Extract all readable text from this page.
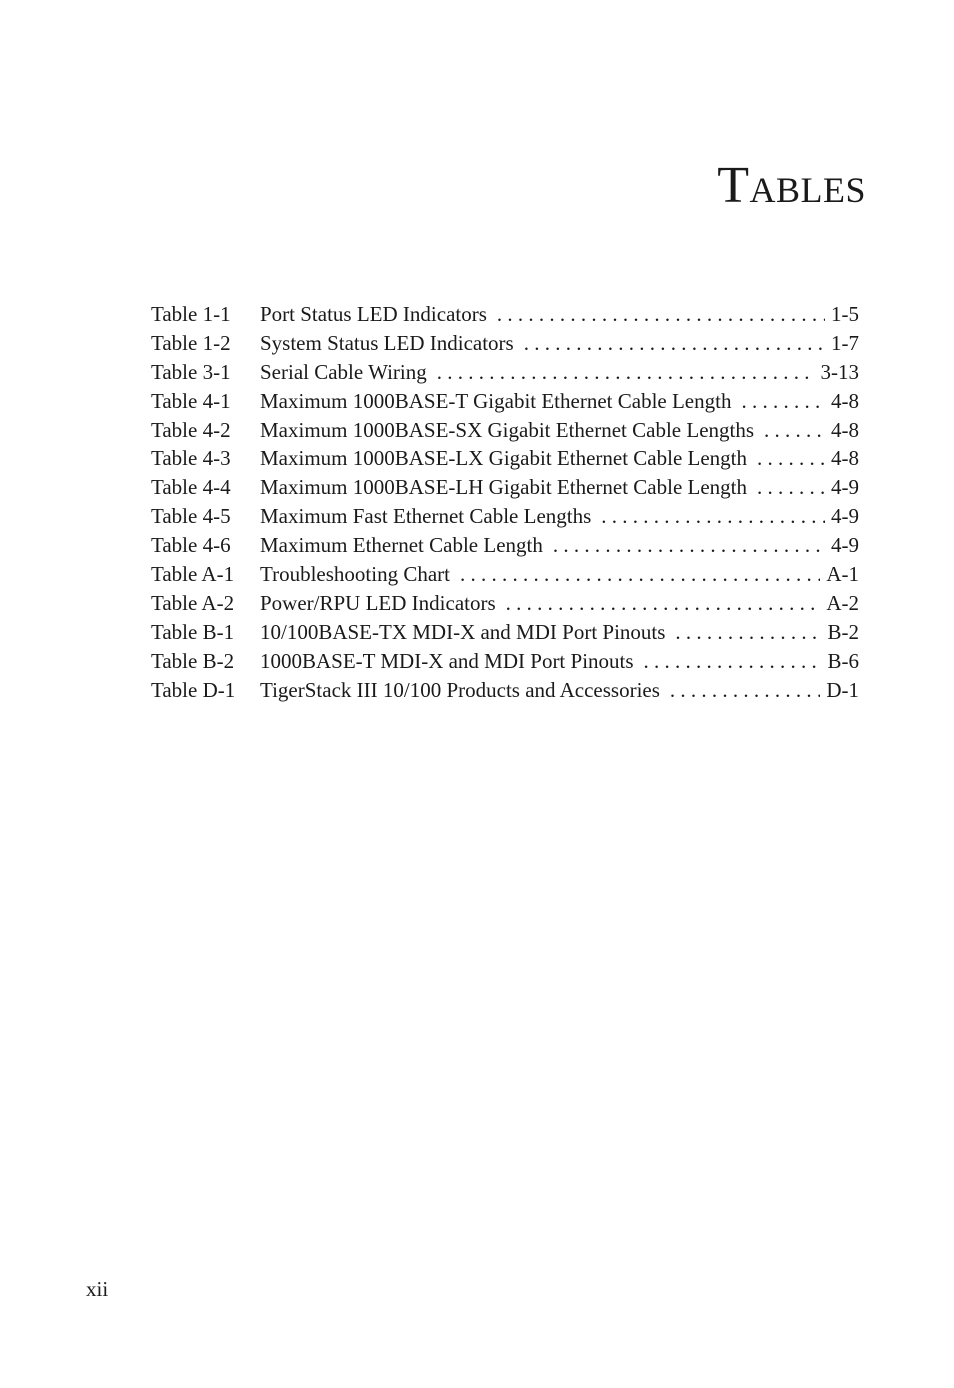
Tables
Table 1-1	Port Status LED Indicators . . .	1-5
Table 1-2	System Status LED Indicators . . .	1-7
Table 3-1	Serial Cable Wiring . . .	3-13
Table 4-1	Maximum 1000BASE-T Gigabit Ethernet Cable Length . . .	4-8
Table 4-2	Maximum 1000BASE-SX Gigabit Ethernet Cable Lengths . . .	4-8
Table 4-3	Maximum 1000BASE-LX Gigabit Ethernet Cable Length . . .	4-8
Table 4-4	Maximum 1000BASE-LH Gigabit Ethernet Cable Length . . .	4-9
Table 4-5	Maximum Fast Ethernet Cable Lengths . . .	4-9
Table 4-6	Maximum Ethernet Cable Length . . .	4-9
Table A-1	Troubleshooting Chart . . .	A-1
Table A-2	Power/RPU LED Indicators . . .	A-2
Table B-1	10/100BASE-TX MDI-X and MDI Port Pinouts . . .	B-2
Table B-2	1000BASE-T MDI-X and MDI Port Pinouts . . .	B-6
Table D-1	TigerStack III 10/100 Products and Accessories . . .	D-1
xii
